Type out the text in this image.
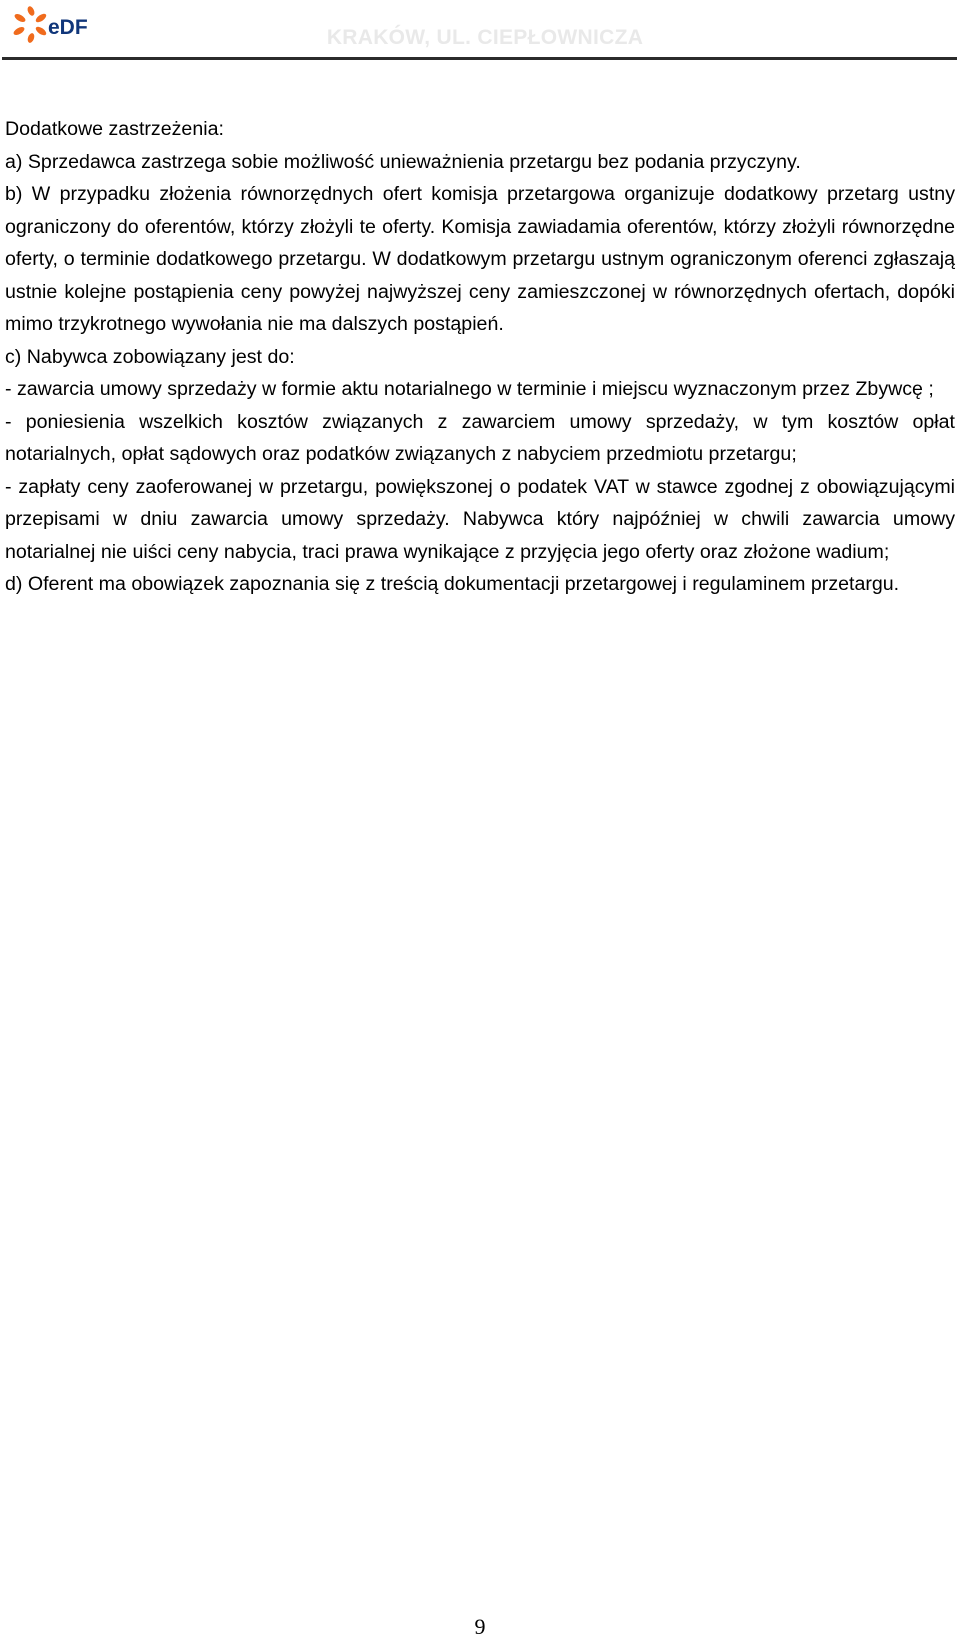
eDF	KRAKÓW, UL. CIEPŁOWNICZA

Dodatkowe zastrzeżenia:

a) Sprzedawca zastrzega sobie możliwość unieważnienia przetargu bez podania przyczyny.

b) W przypadku złożenia równorzędnych ofert komisja przetargowa organizuje dodatkowy przetarg ustny ograniczony do oferentów, którzy złożyli te oferty. Komisja zawiadamia oferentów, którzy złożyli równorzędne oferty, o terminie dodatkowego przetargu. W dodatkowym przetargu ustnym ograniczonym oferenci zgłaszają ustnie kolejne postąpienia ceny powyżej najwyższej ceny zamieszczonej w równorzędnych ofertach, dopóki mimo trzykrotnego wywołania nie ma dalszych postąpień.

c) Nabywca zobowiązany jest do:

- zawarcia umowy sprzedaży w formie aktu notarialnego w terminie i miejscu wyznaczonym przez Zbywcę ;

- poniesienia wszelkich kosztów związanych z zawarciem umowy sprzedaży, w tym kosztów opłat notarialnych, opłat sądowych oraz podatków związanych z nabyciem przedmiotu przetargu;

- zapłaty ceny zaoferowanej w przetargu, powiększonej o podatek VAT w stawce zgodnej z obowiązującymi przepisami w dniu zawarcia umowy sprzedaży. Nabywca który najpóźniej w chwili zawarcia umowy notarialnej nie uiści ceny nabycia, traci prawa wynikające z przyjęcia jego oferty oraz złożone wadium;

d) Oferent ma obowiązek zapoznania się z treścią dokumentacji przetargowej i regulaminem przetargu.

9
